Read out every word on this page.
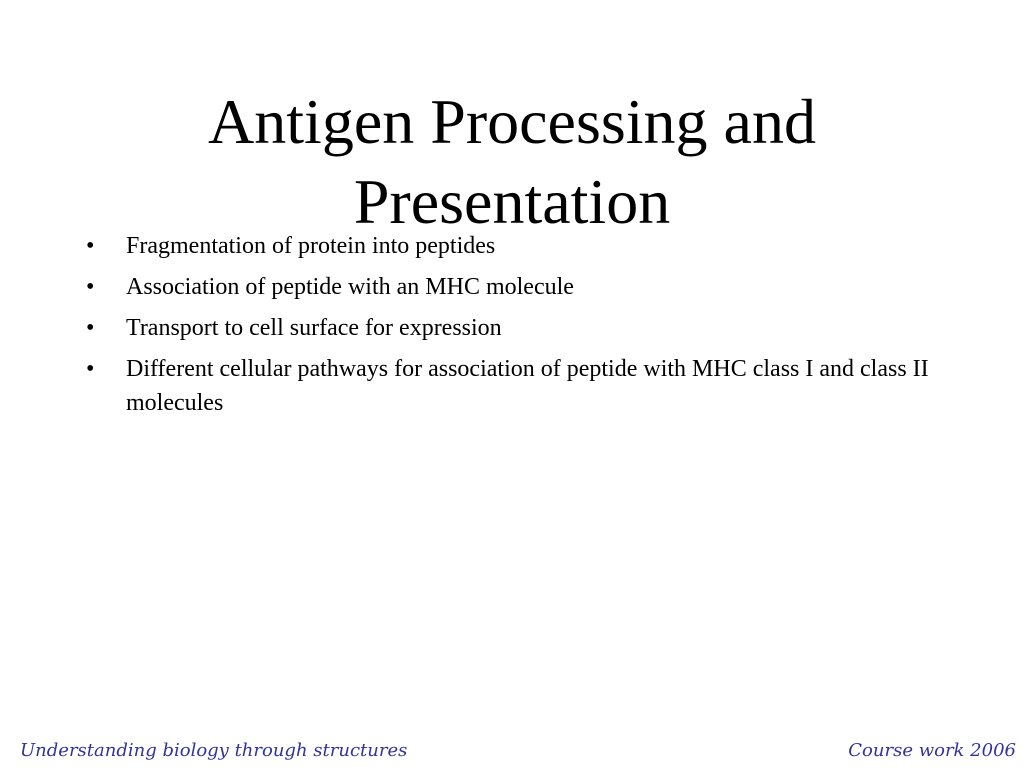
Antigen Processing and
Presentation
•	Fragmentation of protein into peptides
•	Association of peptide with an MHC molecule
•	Transport to cell surface for expression
•	Different cellular pathways for association of peptide with MHC class I and class II molecules
Understanding biology through structures	Course work 2006
